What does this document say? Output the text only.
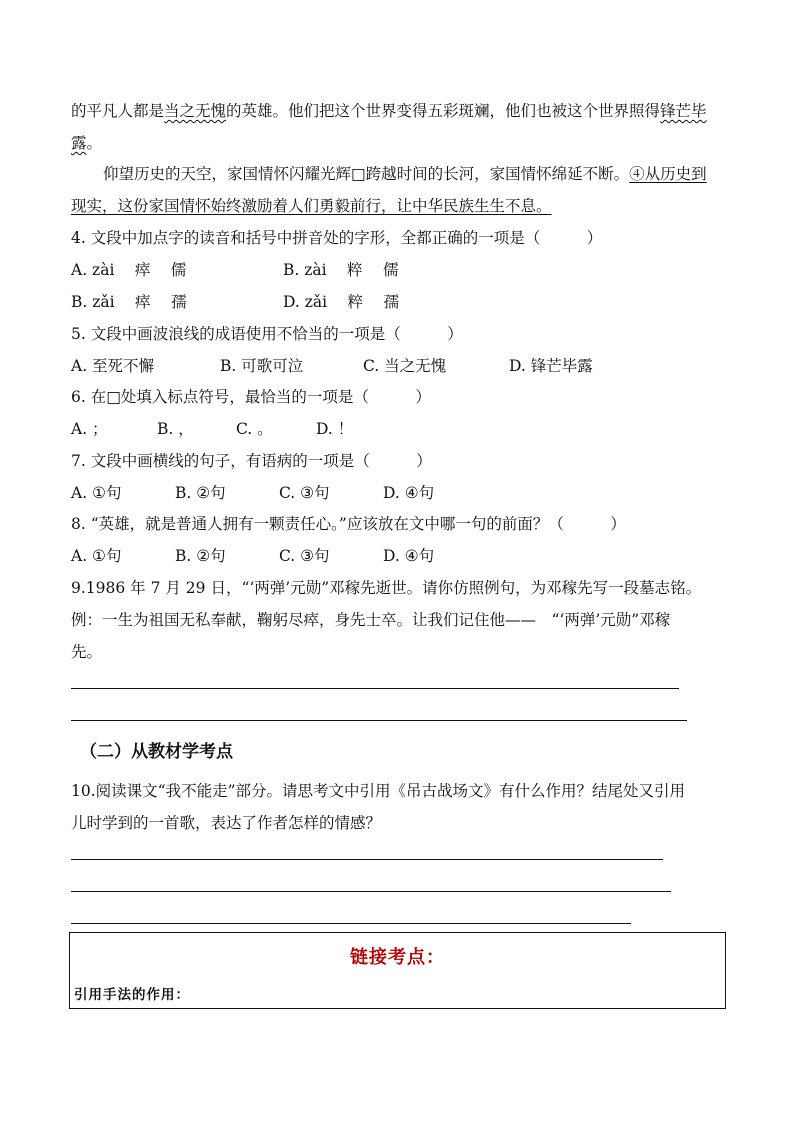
的平凡人都是当之无愧的英雄。他们把这个世界变得五彩斑斓，他们也被这个世界照得锋芒毕
露。
仰望历史的天空，家国情怀闪耀光辉□跨越时间的长河，家国情怀绵延不断。④从历史到
现实，这份家国情怀始终激励着人们勇毅前行，让中华民族生生不息。
4. 文段中加点字的读音和括号中拼音处的字形，全都正确的一项是（　　　）
A. zài　 瘁　 儒	B. zài　 粹　 儒
B. zǎi　 瘁　 孺	D. zǎi　 粹　 孺
5. 文段中画波浪线的成语使用不恰当的一项是（　　　）
A. 至死不懈	B. 可歌可泣	C. 当之无愧	D. 锋芒毕露
6. 在□处填入标点符号，最恰当的一项是（　　　）
A. ；	B. ，	C. 。	D. ！
7. 文段中画横线的句子，有语病的一项是（　　　）
A. ①句	B. ②句	C. ③句	D. ④句
8. “英雄，就是普通人拥有一颗责任心。”应该放在文中哪一句的前面？（　　　）
A. ①句	B. ②句	C. ③句	D. ④句
9.1986 年 7 月 29 日，“‘两弹’元勋”邓稼先逝世。请你仿照例句，为邓稼先写一段墓志铭。
例：一生为祖国无私奉献，鞠躬尽瘁，身先士卒。让我们记住他——　“‘两弹’元勋”邓稼
先。
（二）从教材学考点
10.阅读课文“我不能走”部分。请思考文中引用《吊古战场文》有什么作用？结尾处又引用
儿时学到的一首歌，表达了作者怎样的情感？
链接考点：
引用手法的作用：
